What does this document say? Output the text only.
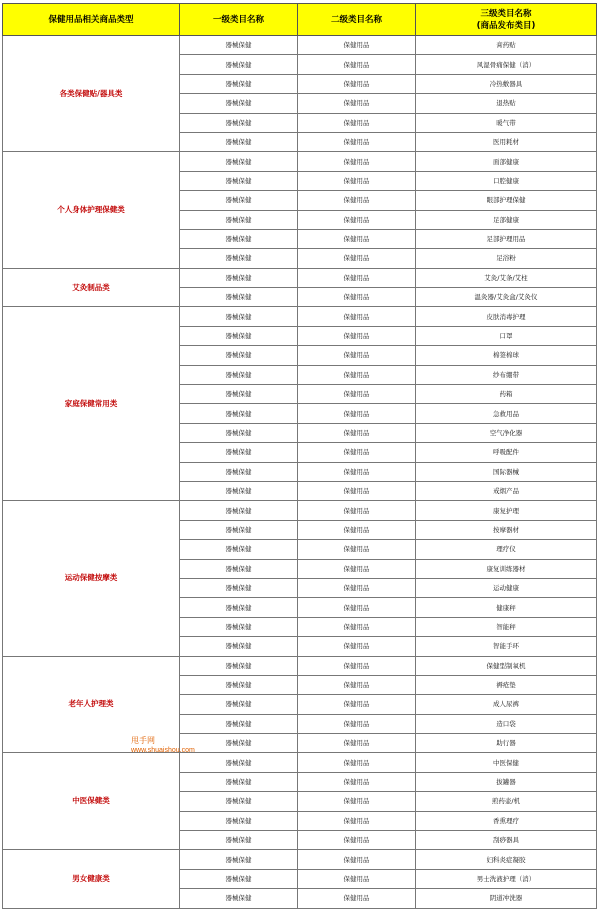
保健用品相关商品类型	一级类目名称	二级类目名称	三级类目名称
(商品发布类目)

各类保健贴/器具类	器械保健	保健用品	膏药贴
	器械保健	保健用品	风湿骨痛保健（消）
	器械保健	保健用品	冷热敷器具
	器械保健	保健用品	退热贴
	器械保健	保健用品	暖气带
	器械保健	保健用品	医用耗材
个人身体护理保健类	器械保健	保健用品	面部健康
	器械保健	保健用品	口腔健康
	器械保健	保健用品	眼部护理保健
	器械保健	保健用品	足部健康
	器械保健	保健用品	足部护理用品
	器械保健	保健用品	足浴粉
艾灸制品类	器械保健	保健用品	艾灸/艾条/艾柱
	器械保健	保健用品	温灸器/艾灸盒/艾灸仪
家庭保健常用类	器械保健	保健用品	皮肤消毒护理
	器械保健	保健用品	口罩
	器械保健	保健用品	棉签棉球
	器械保健	保健用品	纱布绷带
	器械保健	保健用品	药箱
	器械保健	保健用品	急救用品
	器械保健	保健用品	空气净化器
	器械保健	保健用品	呼吸配件
	器械保健	保健用品	国际器械
	器械保健	保健用品	戒烟产品
运动保健按摩类	器械保健	保健用品	康复护理
	器械保健	保健用品	按摩器材
	器械保健	保健用品	理疗仪
	器械保健	保健用品	康复训练器材
	器械保健	保健用品	运动健康
	器械保健	保健用品	健康秤
	器械保健	保健用品	智能秤
	器械保健	保健用品	智能手环
老年人护理类	器械保健	保健用品	保健型制氧机
	器械保健	保健用品	褥疮垫
	器械保健	保健用品	成人尿裤
	器械保健	保健用品	造口袋
	器械保健	保健用品	助行器
中医保健类	器械保健	保健用品	中医保健
	器械保健	保健用品	拔罐器
	器械保健	保健用品	煎药壶/机
	器械保健	保健用品	香熏理疗
	器械保健	保健用品	刮痧器具
男女健康类	器械保健	保健用品	妇科炎症凝胶
	器械保健	保健用品	男士洗液护理（消）
	器械保健	保健用品	阴道冲洗器
甩手网
www.shuaishou.com
